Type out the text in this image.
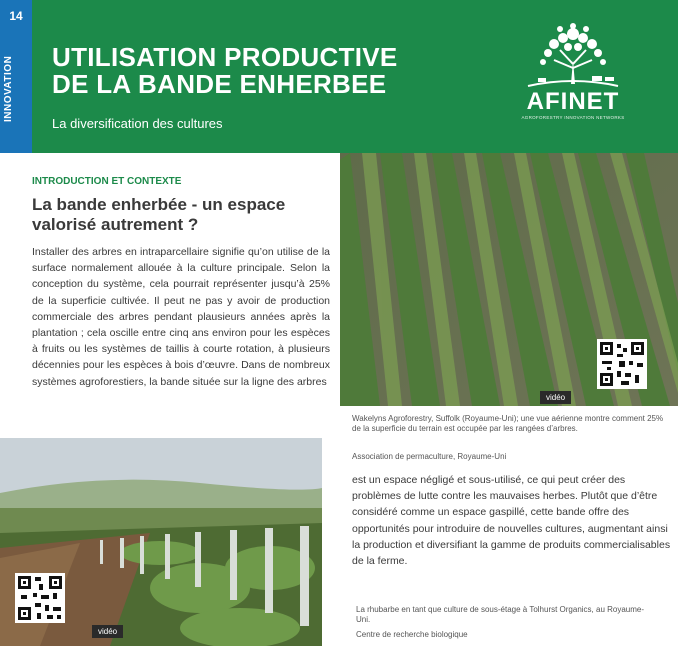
14
INNOVATION UTILISATION PRODUCTIVE
DE LA BANDE ENHERBEE
La diversification des cultures
AFINET
AGROFORESTRY INNOVATION NETWORKS
INTRODUCTION ET CONTEXTE
La bande enherbée - un espace valorisé autrement ?
Installer des arbres en intraparcellaire signifie qu’on utilise de la surface normalement allouée à la culture principale. Selon la conception du système, cela pourrait représenter jusqu’à 25% de la superficie cultivée. Il peut ne pas y avoir de production commerciale des arbres pendant plausieurs années après la plantation ; cela oscille entre cinq ans environ pour les espèces à fruits ou les systèmes de taillis à courte rotation, à plusieurs décennies pour les espèces à bois d’œuvre. Dans de nombreux systèmes agroforestiers, la bande située sur la ligne des arbres
vidéo
Wakelyns Agroforestry, Suffolk (Royaume-Uni); une vue aérienne montre comment 25% de la superficie du terrain est occupée par les rangées d’arbres.
Association de permaculture, Royaume-Uni
vidéo
est un espace négligé et sous-utilisé, ce qui peut créer des problèmes de lutte contre les mauvaises herbes. Plutôt que d’être considéré comme un espace gaspillé, cette bande offre des opportunités pour introduire de nouvelles cultures, augmentant ainsi la production et diversifiant la gamme de produits commercialisables de la ferme.
La rhubarbe en tant que culture de sous-étage à Tolhurst Organics, au Royaume-Uni.
Centre de recherche biologique
